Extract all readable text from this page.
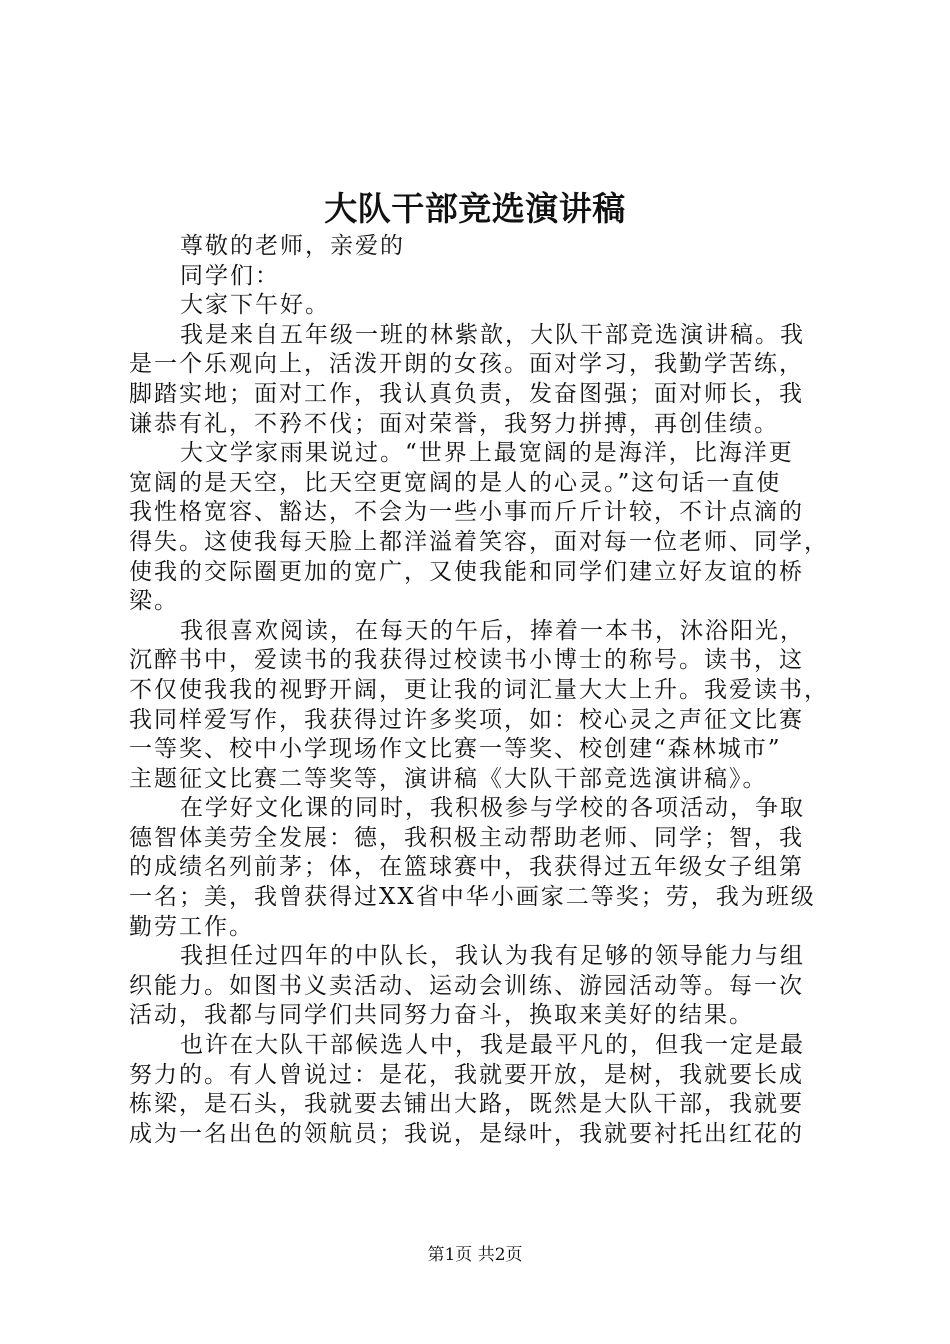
大队干部竞选演讲稿
尊敬的老师，亲爱的
同学们：
大家下午好。
我是来自五年级一班的林紫歆，大队干部竞选演讲稿。我
是一个乐观向上，活泼开朗的女孩。面对学习，我勤学苦练，
脚踏实地；面对工作，我认真负责，发奋图强；面对师长，我
谦恭有礼，不矜不伐；面对荣誉，我努力拼搏，再创佳绩。
大文学家雨果说过。“世界上最宽阔的是海洋，比海洋更
宽阔的是天空，比天空更宽阔的是人的心灵。”这句话一直使
我性格宽容、豁达，不会为一些小事而斤斤计较，不计点滴的
得失。这使我每天脸上都洋溢着笑容，面对每一位老师、同学，
使我的交际圈更加的宽广，又使我能和同学们建立好友谊的桥
梁。
我很喜欢阅读，在每天的午后，捧着一本书，沐浴阳光，
沉醉书中，爱读书的我获得过校读书小博士的称号。读书，这
不仅使我我的视野开阔，更让我的词汇量大大上升。我爱读书，
我同样爱写作，我获得过许多奖项，如：校心灵之声征文比赛
一等奖、校中小学现场作文比赛一等奖、校创建“森林城市”
主题征文比赛二等奖等，演讲稿《大队干部竞选演讲稿》。
在学好文化课的同时，我积极参与学校的各项活动，争取
德智体美劳全发展：德，我积极主动帮助老师、同学；智，我
的成绩名列前茅；体，在篮球赛中，我获得过五年级女子组第
一名；美，我曾获得过XX省中华小画家二等奖；劳，我为班级
勤劳工作。
我担任过四年的中队长，我认为我有足够的领导能力与组
织能力。如图书义卖活动、运动会训练、游园活动等。每一次
活动，我都与同学们共同努力奋斗，换取来美好的结果。
也许在大队干部候选人中，我是最平凡的，但我一定是最
努力的。有人曾说过：是花，我就要开放，是树，我就要长成
栋梁，是石头，我就要去铺出大路，既然是大队干部，我就要
成为一名出色的领航员；我说，是绿叶，我就要衬托出红花的
第1页 共2页
